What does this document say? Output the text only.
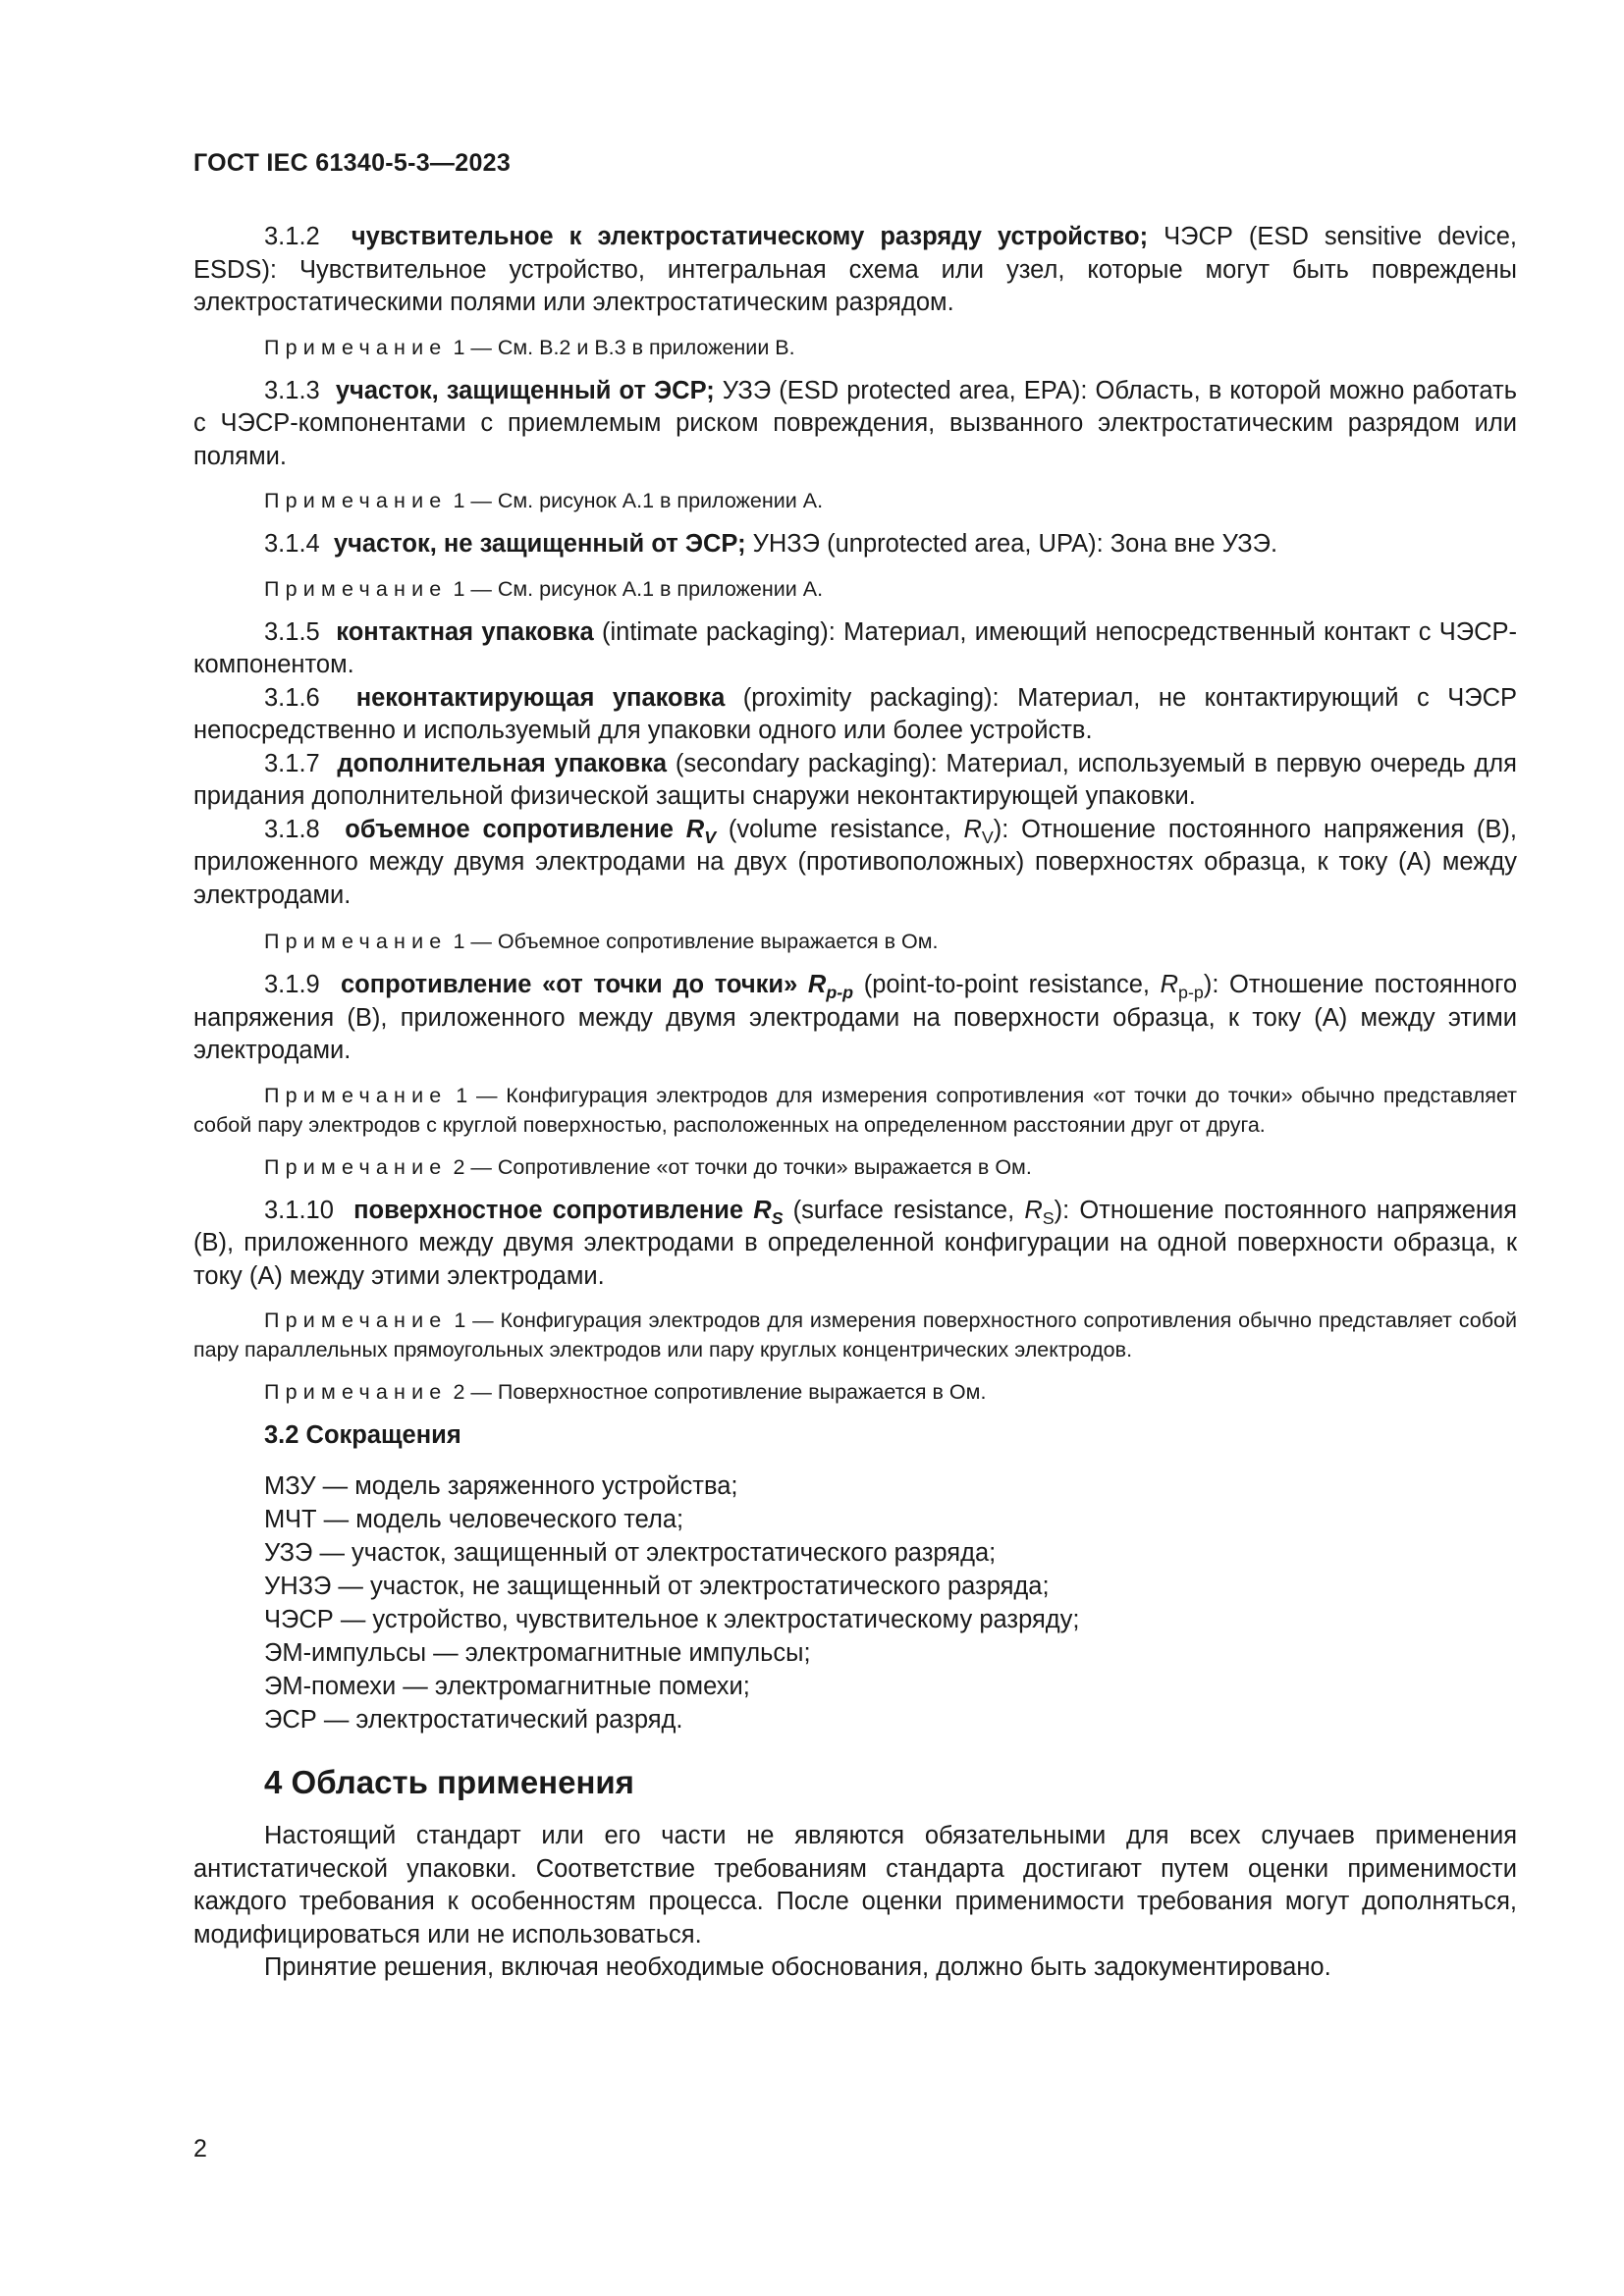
ГОСТ IEC 61340-5-3—2023

3.1.2 чувствительное к электростатическому разряду устройство; ЧЭСР (ESD sensitive device, ESDS): Чувствительное устройство, интегральная схема или узел, которые могут быть повреждены электростатическими полями или электростатическим разрядом.

Примечание 1 — См. В.2 и В.3 в приложении В.

3.1.3 участок, защищенный от ЭСР; УЗЭ (ESD protected area, EPA): Область, в которой можно работать с ЧЭСР-компонентами с приемлемым риском повреждения, вызванного электростатическим разрядом или полями.

Примечание 1 — См. рисунок А.1 в приложении А.

3.1.4 участок, не защищенный от ЭСР; УНЗЭ (unprotected area, UPA): Зона вне УЗЭ.

Примечание 1 — См. рисунок А.1 в приложении А.

3.1.5 контактная упаковка (intimate packaging): Материал, имеющий непосредственный контакт с ЧЭСР-компонентом.

3.1.6 неконтактирующая упаковка (proximity packaging): Материал, не контактирующий с ЧЭСР непосредственно и используемый для упаковки одного или более устройств.

3.1.7 дополнительная упаковка (secondary packaging): Материал, используемый в первую очередь для придания дополнительной физической защиты снаружи неконтактирующей упаковки.

3.1.8 объемное сопротивление $R_V$ (volume resistance, $R_V$): Отношение постоянного напряжения (В), приложенного между двумя электродами на двух (противоположных) поверхностях образца, к току (А) между электродами.

Примечание 1 — Объемное сопротивление выражается в Ом.

3.1.9 сопротивление «от точки до точки» $R_{p-p}$ (point-to-point resistance, $R_{p-p}$): Отношение постоянного напряжения (В), приложенного между двумя электродами на поверхности образца, к току (А) между этими электродами.

Примечание 1 — Конфигурация электродов для измерения сопротивления «от точки до точки» обычно представляет собой пару электродов с круглой поверхностью, расположенных на определенном расстоянии друг от друга.

Примечание 2 — Сопротивление «от точки до точки» выражается в Ом.

3.1.10 поверхностное сопротивление $R_S$ (surface resistance, $R_S$): Отношение постоянного напряжения (В), приложенного между двумя электродами в определенной конфигурации на одной поверхности образца, к току (А) между этими электродами.

Примечание 1 — Конфигурация электродов для измерения поверхностного сопротивления обычно представляет собой пару параллельных прямоугольных электродов или пару круглых концентрических электродов.

Примечание 2 — Поверхностное сопротивление выражается в Ом.

3.2 Сокращения

МЗУ — модель заряженного устройства;

МЧТ — модель человеческого тела;

УЗЭ — участок, защищенный от электростатического разряда;

УНЗЭ — участок, не защищенный от электростатического разряда;

ЧЭСР — устройство, чувствительное к электростатическому разряду;

ЭМ-импульсы — электромагнитные импульсы;

ЭМ-помехи — электромагнитные помехи;

ЭСР — электростатический разряд.

4 Область применения

Настоящий стандарт или его части не являются обязательными для всех случаев применения антистатической упаковки. Соответствие требованиям стандарта достигают путем оценки применимости каждого требования к особенностям процесса. После оценки применимости требования могут дополняться, модифицироваться или не использоваться.

Принятие решения, включая необходимые обоснования, должно быть задокументировано.

2
